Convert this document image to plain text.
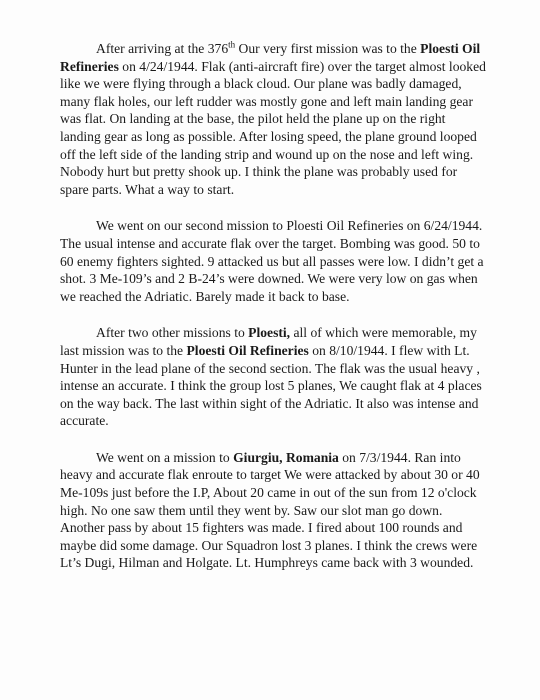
After arriving at the 376th Our very first mission was to the Ploesti Oil Refineries on 4/24/1944. Flak (anti-aircraft fire) over the target almost looked like we were flying through a black cloud. Our plane was badly damaged, many flak holes, our left rudder was mostly gone and left main landing gear was flat. On landing at the base, the pilot held the plane up on the right landing gear as long as possible. After losing speed, the plane ground looped off the left side of the landing strip and wound up on the nose and left wing. Nobody hurt but pretty shook up. I think the plane was probably used for spare parts. What a way to start.

We went on our second mission to Ploesti Oil Refineries on 6/24/1944. The usual intense and accurate flak over the target. Bombing was good. 50 to 60 enemy fighters sighted. 9 attacked us but all passes were low. I didn’t get a shot. 3 Me-109’s and 2 B-24’s were downed. We were very low on gas when we reached the Adriatic. Barely made it back to base.

After two other missions to Ploesti, all of which were memorable, my last mission was to the Ploesti Oil Refineries on 8/10/1944. I flew with Lt. Hunter in the lead plane of the second section. The flak was the usual heavy , intense an accurate. I think the group lost 5 planes, We caught flak at 4 places on the way back. The last within sight of the Adriatic. It also was intense and accurate.

We went on a mission to Giurgiu, Romania on 7/3/1944. Ran into heavy and accurate flak enroute to target We were attacked by about 30 or 40 Me-109s just before the I.P, About 20 came in out of the sun from 12 o'clock high. No one saw them until they went by. Saw our slot man go down. Another pass by about 15 fighters was made. I fired about 100 rounds and maybe did some damage. Our Squadron lost 3 planes. I think the crews were Lt’s Dugi, Hilman and Holgate. Lt. Humphreys came back with 3 wounded.
